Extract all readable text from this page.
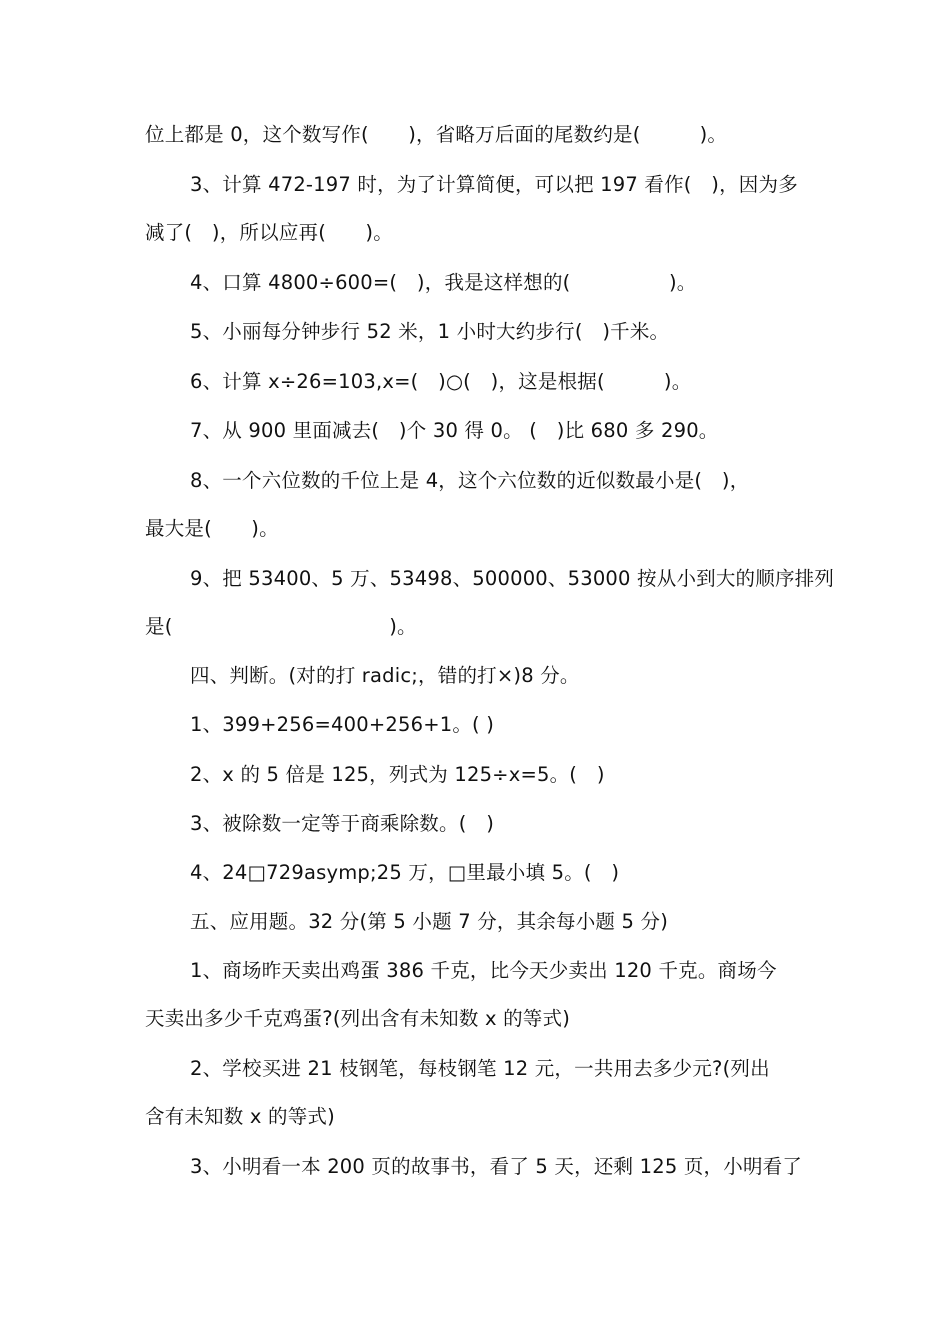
位上都是 0，这个数写作(　　)，省略万后面的尾数约是(　　　)。
3、计算 472-197 时，为了计算简便，可以把 197 看作(　)，因为多
减了(　)，所以应再(　　)。
4、口算 4800÷600=(　)，我是这样想的(　　　　　)。
5、小丽每分钟步行 52 米，1 小时大约步行(　)千米。
6、计算 x÷26=103,x=(　)○(　)，这是根据(　　　)。
7、从 900 里面减去(　)个 30 得 0。 (　)比 680 多 290。
8、一个六位数的千位上是 4，这个六位数的近似数最小是(　)，
最大是(　　)。
9、把 53400、5 万、53498、500000、53000 按从小到大的顺序排列
是(　　　　　　　　　　　)。
四、判断。(对的打 radic;，错的打×)8 分。
1、399+256=400+256+1。( )
2、x 的 5 倍是 125，列式为 125÷x=5。(　)
3、被除数一定等于商乘除数。(　)
4、24□729asymp;25 万，□里最小填 5。(　)
五、应用题。32 分(第 5 小题 7 分，其余每小题 5 分)
1、商场昨天卖出鸡蛋 386 千克，比今天少卖出 120 千克。商场今
天卖出多少千克鸡蛋?(列出含有未知数 x 的等式)
2、学校买进 21 枝钢笔，每枝钢笔 12 元，一共用去多少元?(列出
含有未知数 x 的等式)
3、小明看一本 200 页的故事书，看了 5 天，还剩 125 页，小明看了
